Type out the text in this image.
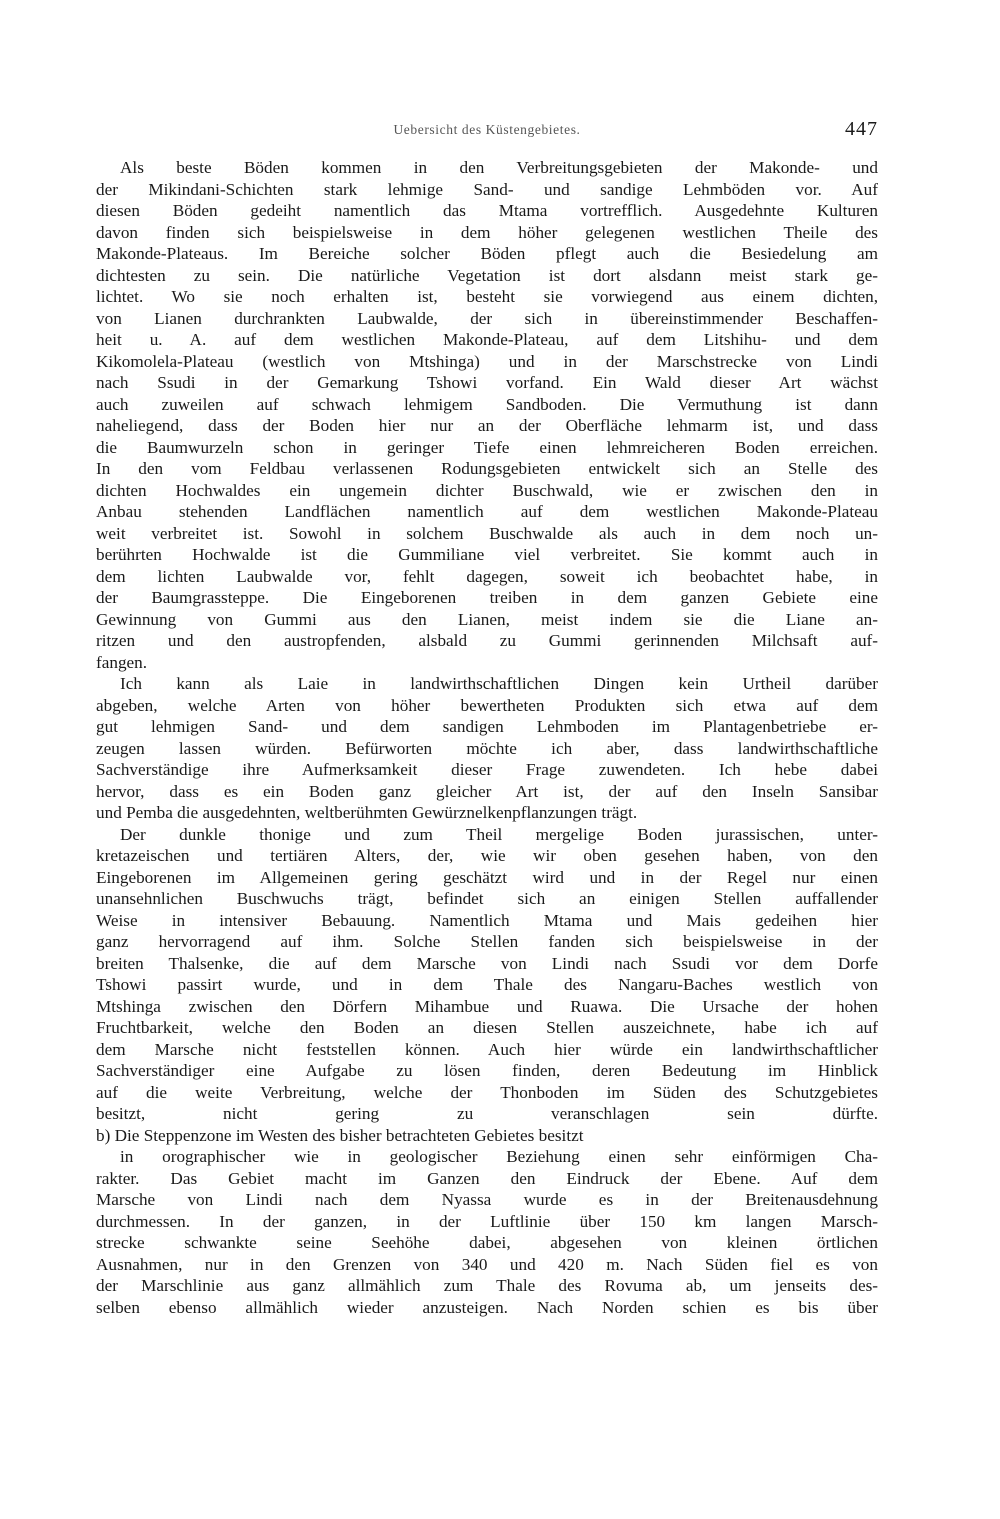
Uebersicht des Küstengebietes.	447
Als beste Böden kommen in den Verbreitungsgebieten der Makonde- und
der Mikindani-Schichten stark lehmige Sand- und sandige Lehmböden vor. Auf
diesen Böden gedeiht namentlich das Mtama vortrefflich. Ausgedehnte Kulturen
davon finden sich beispielsweise in dem höher gelegenen westlichen Theile des
Makonde-Plateaus. Im Bereiche solcher Böden pflegt auch die Besiedelung am
dichtesten zu sein. Die natürliche Vegetation ist dort alsdann meist stark ge-
lichtet. Wo sie noch erhalten ist, besteht sie vorwiegend aus einem dichten,
von Lianen durchrankten Laubwalde, der sich in übereinstimmender Beschaffen-
heit u. A. auf dem westlichen Makonde-Plateau, auf dem Litshihu- und dem
Kikomolela-Plateau (westlich von Mtshinga) und in der Marschstrecke von Lindi
nach Ssudi in der Gemarkung Tshowi vorfand. Ein Wald dieser Art wächst
auch zuweilen auf schwach lehmigem Sandboden. Die Vermuthung ist dann
naheliegend, dass der Boden hier nur an der Oberfläche lehmarm ist, und dass
die Baumwurzeln schon in geringer Tiefe einen lehmreicheren Boden erreichen.
In den vom Feldbau verlassenen Rodungsgebieten entwickelt sich an Stelle des
dichten Hochwaldes ein ungemein dichter Buschwald, wie er zwischen den in
Anbau stehenden Landflächen namentlich auf dem westlichen Makonde-Plateau
weit verbreitet ist. Sowohl in solchem Buschwalde als auch in dem noch un-
berührten Hochwalde ist die Gummiliane viel verbreitet. Sie kommt auch in
dem lichten Laubwalde vor, fehlt dagegen, soweit ich beobachtet habe, in
der Baumgrassteppe. Die Eingeborenen treiben in dem ganzen Gebiete eine
Gewinnung von Gummi aus den Lianen, meist indem sie die Liane an-
ritzen und den austropfenden, alsbald zu Gummi gerinnenden Milchsaft auf-
fangen.
Ich kann als Laie in landwirthschaftlichen Dingen kein Urtheil darüber
abgeben, welche Arten von höher bewertheten Produkten sich etwa auf dem
gut lehmigen Sand- und dem sandigen Lehmboden im Plantagenbetriebe er-
zeugen lassen würden. Befürworten möchte ich aber, dass landwirthschaftliche
Sachverständige ihre Aufmerksamkeit dieser Frage zuwendeten. Ich hebe dabei
hervor, dass es ein Boden ganz gleicher Art ist, der auf den Inseln Sansibar
und Pemba die ausgedehnten, weltberühmten Gewürznelkenpflanzungen trägt.
Der dunkle thonige und zum Theil mergelige Boden jurassischen, unter-
kretazeischen und tertiären Alters, der, wie wir oben gesehen haben, von den
Eingeborenen im Allgemeinen gering geschätzt wird und in der Regel nur einen
unansehnlichen Buschwuchs trägt, befindet sich an einigen Stellen auffallender
Weise in intensiver Bebauung. Namentlich Mtama und Mais gedeihen hier
ganz hervorragend auf ihm. Solche Stellen fanden sich beispielsweise in der
breiten Thalsenke, die auf dem Marsche von Lindi nach Ssudi vor dem Dorfe
Tshowi passirt wurde, und in dem Thale des Nangaru-Baches westlich von
Mtshinga zwischen den Dörfern Mihambue und Ruawa. Die Ursache der hohen
Fruchtbarkeit, welche den Boden an diesen Stellen auszeichnete, habe ich auf
dem Marsche nicht feststellen können. Auch hier würde ein landwirthschaftlicher
Sachverständiger eine Aufgabe zu lösen finden, deren Bedeutung im Hinblick
auf die weite Verbreitung, welche der Thonboden im Süden des Schutzgebietes
besitzt, nicht gering zu veranschlagen sein dürfte.
b) Die Steppenzone im Westen des bisher betrachteten Gebietes besitzt
in orographischer wie in geologischer Beziehung einen sehr einförmigen Cha-
rakter. Das Gebiet macht im Ganzen den Eindruck der Ebene. Auf dem
Marsche von Lindi nach dem Nyassa wurde es in der Breitenausdehnung
durchmessen. In der ganzen, in der Luftlinie über 150 km langen Marsch-
strecke schwankte seine Seehöhe dabei, abgesehen von kleinen örtlichen
Ausnahmen, nur in den Grenzen von 340 und 420 m. Nach Süden fiel es von
der Marschlinie aus ganz allmählich zum Thale des Rovuma ab, um jenseits des-
selben ebenso allmählich wieder anzusteigen. Nach Norden schien es bis über
